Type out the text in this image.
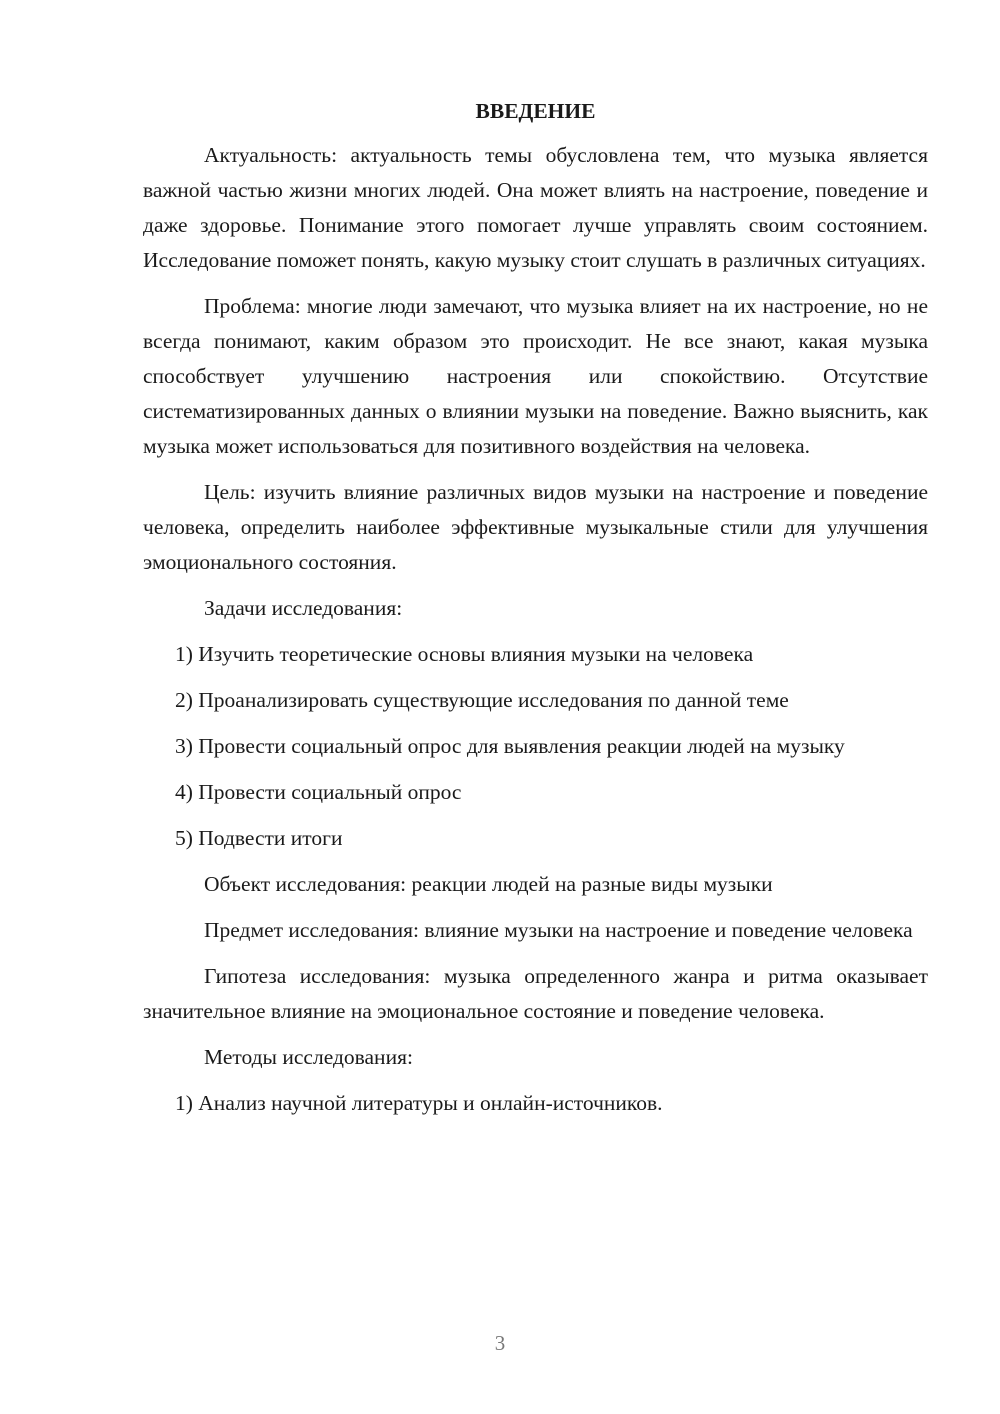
ВВЕДЕНИЕ

Актуальность: актуальность темы обусловлена тем, что музыка является важной частью жизни многих людей. Она может влиять на настроение, поведение и даже здоровье. Понимание этого помогает лучше управлять своим состоянием. Исследование поможет понять, какую музыку стоит слушать в различных ситуациях.

Проблема: многие люди замечают, что музыка влияет на их настроение, но не всегда понимают, каким образом это происходит. Не все знают, какая музыка способствует улучшению настроения или спокойствию. Отсутствие систематизированных данных о влиянии музыки на поведение. Важно выяснить, как музыка может использоваться для позитивного воздействия на человека.

Цель: изучить влияние различных видов музыки на настроение и поведение человека, определить наиболее эффективные музыкальные стили для улучшения эмоционального состояния.

Задачи исследования:

1) Изучить теоретические основы влияния музыки на человека

2) Проанализировать существующие исследования по данной теме

3) Провести социальный опрос для выявления реакции людей на музыку

4) Провести социальный опрос

5) Подвести итоги

Объект исследования: реакции людей на разные виды музыки

Предмет исследования: влияние музыки на настроение и поведение человека

Гипотеза исследования: музыка определенного жанра и ритма оказывает значительное влияние на эмоциональное состояние и поведение человека.

Методы исследования:

1) Анализ научной литературы и онлайн-источников.

3
